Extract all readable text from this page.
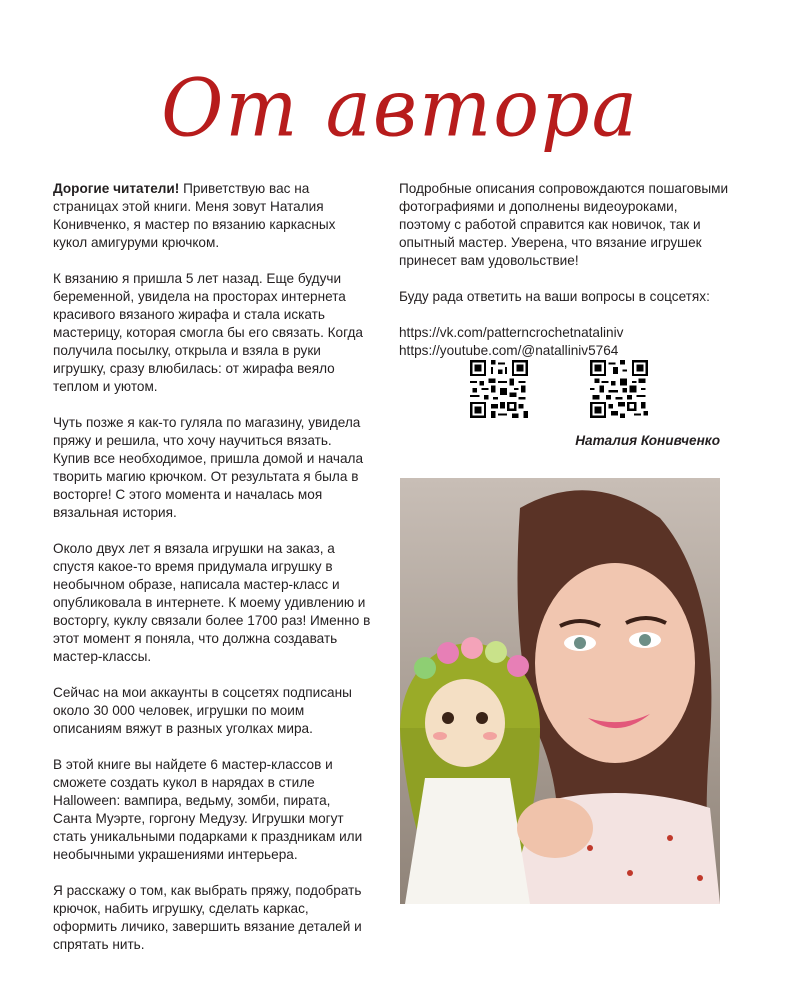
От автора

Дорогие читатели! Приветствую вас на страницах этой книги. Меня зовут Наталия Конивченко, я мастер по вязанию каркасных кукол амигуруми крючком.

К вязанию я пришла 5 лет назад. Еще будучи беременной, увидела на просторах интернета красивого вязаного жирафа и стала искать мастерицу, которая смогла бы его связать. Когда получила посылку, открыла и взяла в руки игрушку, сразу влюбилась: от жирафа веяло теплом и уютом.

Чуть позже я как-то гуляла по магазину, увидела пряжу и решила, что хочу научиться вязать. Купив все необходимое, пришла домой и начала творить магию крючком. От результата я была в восторге! С этого момента и началась моя вязальная история.

Около двух лет я вязала игрушки на заказ, а спустя какое-то время придумала игрушку в необычном образе, написала мастер-класс и опубликовала в интернете. К моему удивлению и восторгу, куклу связали более 1700 раз! Именно в этот момент я поняла, что должна создавать мастер-классы.

Сейчас на мои аккаунты в соцсетях подписаны около 30 000 человек, игрушки по моим описаниям вяжут в разных уголках мира.

В этой книге вы найдете 6 мастер-классов и сможете создать кукол в нарядах в стиле Halloween: вампира, ведьму, зомби, пирата, Санта Муэрте, горгону Медузу. Игрушки могут стать уникальными подарками к праздникам или необычными украшениями интерьера.

Я расскажу о том, как выбрать пряжу, подобрать крючок, набить игрушку, сделать каркас, оформить личико, завершить вязание деталей и спрятать нить.

Подробные описания сопровождаются пошаговыми фотографиями и дополнены видеоуроками, поэтому с работой справится как новичок, так и опытный мастер. Уверена, что вязание игрушек принесет вам удовольствие!

Буду рада ответить на ваши вопросы в соцсетях:

https://vk.com/patterncrochetnataliniv

https://youtube.com/@natalliniv5764

Наталия Конивченко
